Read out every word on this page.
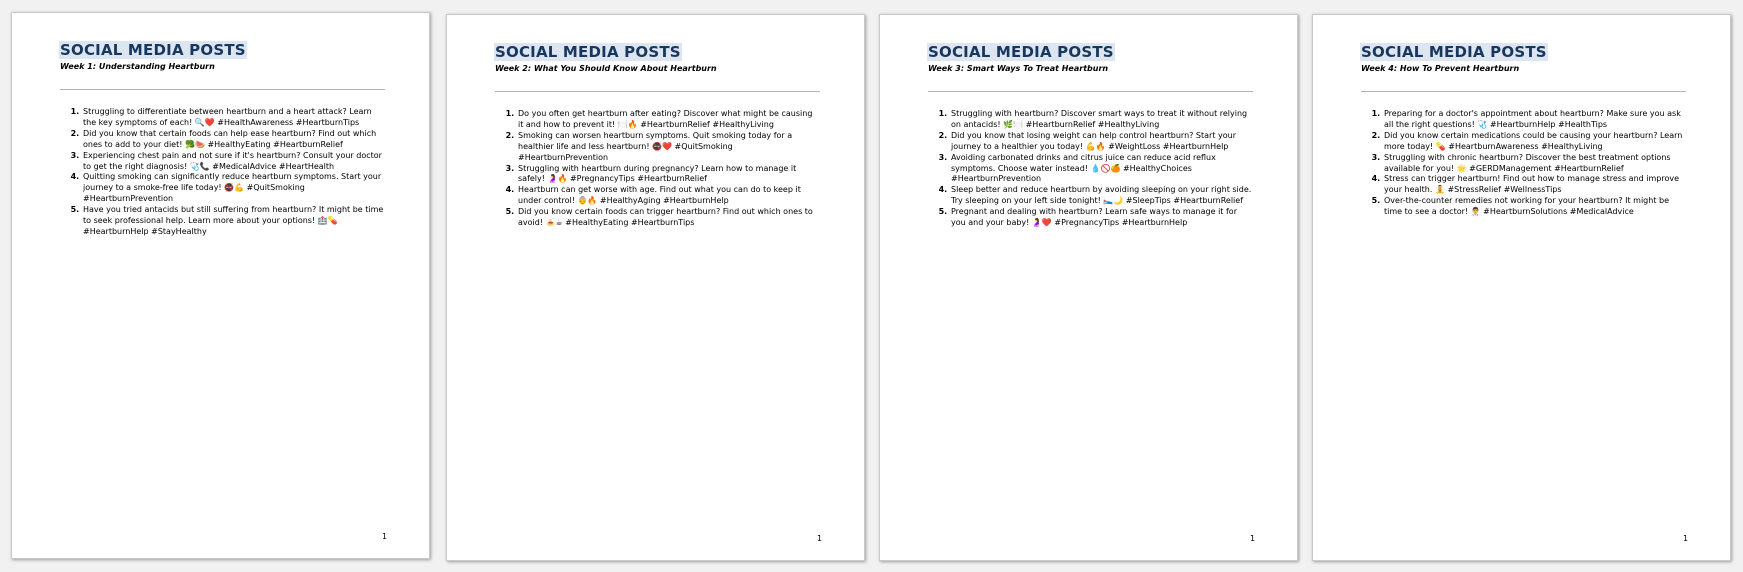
SOCIAL MEDIA POSTS
Week 1: Understanding Heartburn
1. Struggling to differentiate between heartburn and a heart attack? Learn the key symptoms of each! 🔍❤️ #HealthAwareness #HeartburnTips
2. Did you know that certain foods can help ease heartburn? Find out which ones to add to your diet! 🥦🍉 #HealthyEating #HeartburnRelief
3. Experiencing chest pain and not sure if it's heartburn? Consult your doctor to get the right diagnosis! 🩺📞 #MedicalAdvice #HeartHealth
4. Quitting smoking can significantly reduce heartburn symptoms. Start your journey to a smoke-free life today! 🚭💪 #QuitSmoking #HeartburnPrevention
5. Have you tried antacids but still suffering from heartburn? It might be time to seek professional help. Learn more about your options! 🏥💊 #HeartburnHelp #StayHealthy
1
SOCIAL MEDIA POSTS
Week 2: What You Should Know About Heartburn
1. Do you often get heartburn after eating? Discover what might be causing it and how to prevent it! 🍽️🔥 #HeartburnRelief #HealthyLiving
2. Smoking can worsen heartburn symptoms. Quit smoking today for a healthier life and less heartburn! 🚭❤️ #QuitSmoking #HeartburnPrevention
3. Struggling with heartburn during pregnancy? Learn how to manage it safely! 🤰🔥 #PregnancyTips #HeartburnRelief
4. Heartburn can get worse with age. Find out what you can do to keep it under control! 👵🔥 #HealthyAging #HeartburnHelp
5. Did you know certain foods can trigger heartburn? Find out which ones to avoid! 🍝☕ #HealthyEating #HeartburnTips
1
SOCIAL MEDIA POSTS
Week 3: Smart Ways To Treat Heartburn
1. Struggling with heartburn? Discover smart ways to treat it without relying on antacids! 🌿🍽️ #HeartburnRelief #HealthyLiving
2. Did you know that losing weight can help control heartburn? Start your journey to a healthier you today! 💪🔥 #WeightLoss #HeartburnHelp
3. Avoiding carbonated drinks and citrus juice can reduce acid reflux symptoms. Choose water instead! 💧🚫🍊 #HealthyChoices #HeartburnPrevention
4. Sleep better and reduce heartburn by avoiding sleeping on your right side. Try sleeping on your left side tonight! 🛌🌙 #SleepTips #HeartburnRelief
5. Pregnant and dealing with heartburn? Learn safe ways to manage it for you and your baby! 🤰❤️ #PregnancyTips #HeartburnHelp
1
SOCIAL MEDIA POSTS
Week 4: How To Prevent Heartburn
1. Preparing for a doctor's appointment about heartburn? Make sure you ask all the right questions! 🩺 #HeartburnHelp #HealthTips
2. Did you know certain medications could be causing your heartburn? Learn more today! 💊 #HeartburnAwareness #HealthyLiving
3. Struggling with chronic heartburn? Discover the best treatment options available for you! 🌟 #GERDManagement #HeartburnRelief
4. Stress can trigger heartburn! Find out how to manage stress and improve your health. 🧘 #StressRelief #WellnessTips
5. Over-the-counter remedies not working for your heartburn? It might be time to see a doctor! 👨‍⚕️ #HeartburnSolutions #MedicalAdvice
1
